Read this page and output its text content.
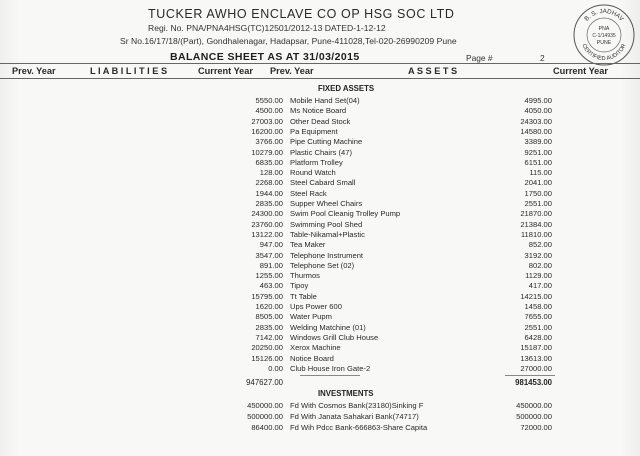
TUCKER AWHO ENCLAVE CO OP HSG SOC LTD
Regi. No. PNA/PNA4HSG(TC)12501/2012-13 DATED-1-12-12
Sr No.16/17/18/(Part), Gondhalenagar, Hadapsar, Pune-411028,Tel-020-26990209 Pune
BALANCE SHEET AS AT 31/03/2015	Page #	2
B. S. JADHAV
CERTIFIED AUDITOR
PNA
C-1/14935
PUNE
Prev. Year	L I A B I L I T I E S	Current Year Prev. Year	A S S E T S	Current Year
FIXED ASSETS
5550.00 Mobile Hand Set(04)	4995.00
4500.00 Ms Notice Board	4050.00
27003.00 Other Dead Stock	24303.00
16200.00 Pa Equipment	14580.00
3766.00 Pipe Cutting Machine	3389.00
10279.00 Plastic Chairs (47)	9251.00
6835.00 Platform Trolley	6151.00
128.00 Round Watch	115.00
2268.00 Steel Cabard Small	2041.00
1944.00 Steel Rack	1750.00
2835.00 Supper Wheel Chairs	2551.00
24300.00 Swim Pool Cleanig Trolley Pump	21870.00
23760.00 Swimming Pool Shed	21384.00
13122.00 Table-Nikamal+Plastic	11810.00
947.00 Tea Maker	852.00
3547.00 Telephone Instrument	3192.00
891.00 Telephone Set (02)	802.00
1255.00 Thurmos	1129.00
463.00 Tipoy	417.00
15795.00 Tt Table	14215.00
1620.00 Ups Power 600	1458.00
8505.00 Water Pupm	7655.00
2835.00 Welding Matchine (01)	2551.00
7142.00 Windows Grill Club House	6428.00
20250.00 Xerox Machine	15187.00
15126.00 Notice Board	13613.00
0.00 Club House Iron Gate-2	27000.00
947627.00	981453.00
INVESTMENTS
450000.00 Fd With Cosmos Bank(23180)Sinking F	450000.00
500000.00 Fd With Janata Sahakari Bank(74717)	500000.00
86400.00 Fd Wih Pdcc Bank-666863-Share Capita	72000.00
